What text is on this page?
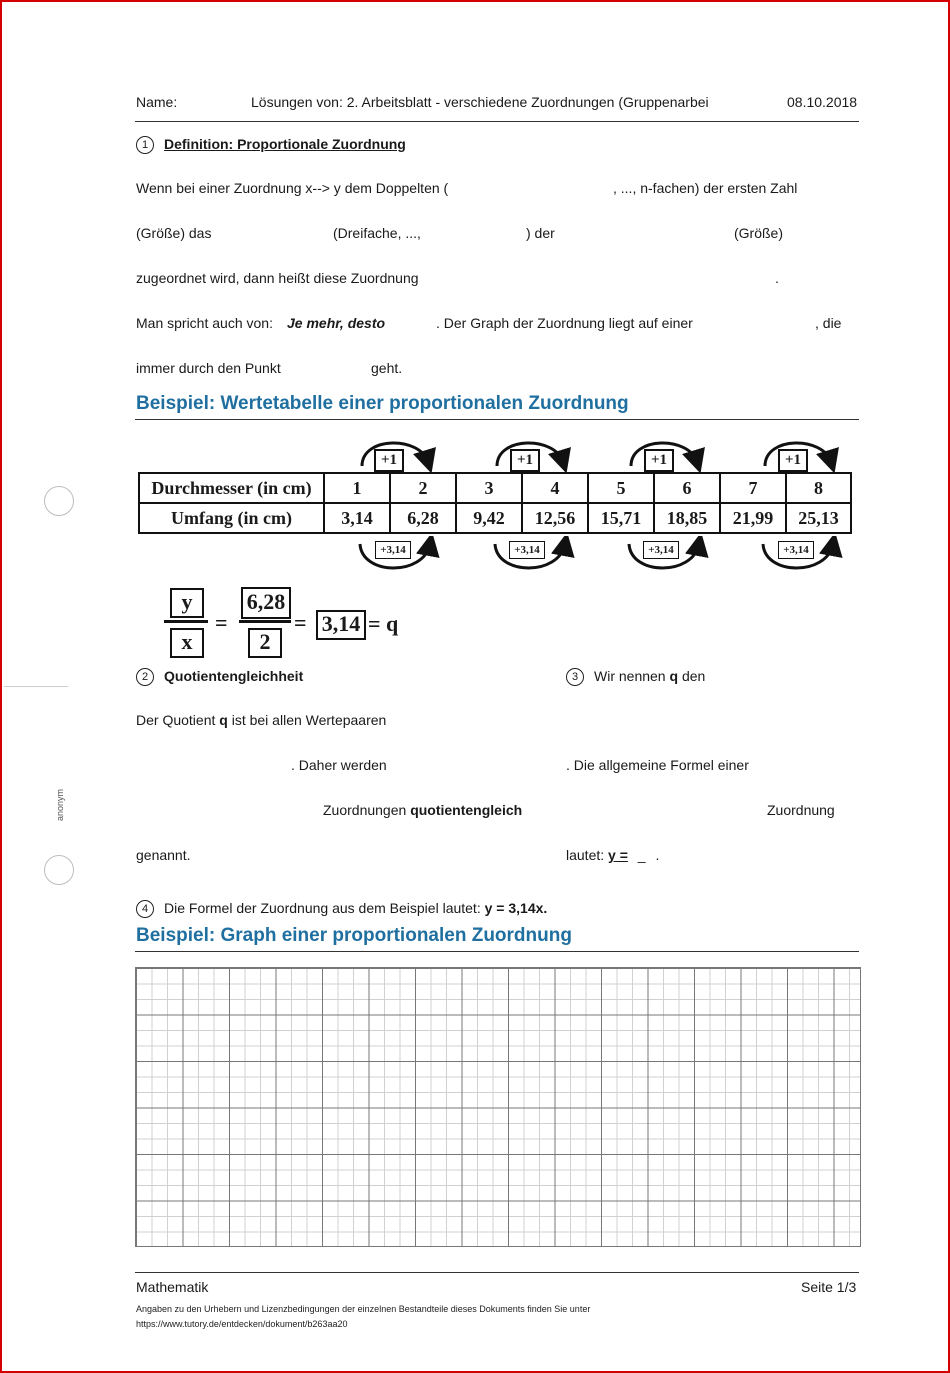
anonym
Name:	Lösungen von: 2. Arbeitsblatt - verschiedene Zuordnungen (Gruppenarbei	08.10.2018
1 Definition: Proportionale Zuordnung
Wenn bei einer Zuordnung x--> y dem Doppelten (	, ..., n-fachen) der ersten Zahl
(Größe) das	(Dreifache, ...,	) der	(Größe)
zugeordnet wird, dann heißt diese Zuordnung	.
Man spricht auch von: Je mehr, desto	. Der Graph der Zuordnung liegt auf einer	, die
immer durch den Punkt	geht.
Beispiel: Wertetabelle einer proportionalen Zuordnung
+1	+1	+1	+1
Durchmesser (in cm)	1	2	3	4	5	6	7	8
Umfang (in cm)	3,14	6,28	9,42	12,56	15,71	18,85	21,99	25,13
+3,14	+3,14	+3,14	+3,14
y
x
=
6,28
2
= 3,14 = q
2 Quotientengleichheit
Der Quotient q ist bei allen Wertepaaren
. Daher werden
Zuordnungen quotientengleich
genannt.
3 Wir nennen q den
. Die allgemeine Formel einer
Zuordnung
lautet: y = _ .
4 Die Formel der Zuordnung aus dem Beispiel lautet: y = 3,14x.
Beispiel: Graph einer proportionalen Zuordnung
Mathematik	Seite 1/3
Angaben zu den Urhebern und Lizenzbedingungen der einzelnen Bestandteile dieses Dokuments finden Sie unter
https://www.tutory.de/entdecken/dokument/b263aa20
